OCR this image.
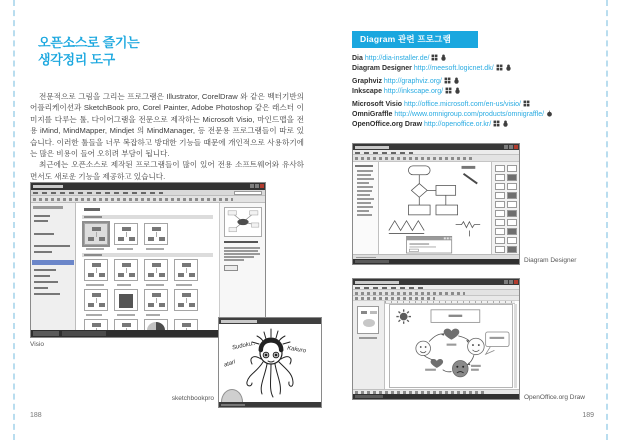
오픈소스로 즐기는
생각정리 도구

전문적으로 그림을 그리는 프로그램은 Illustrator, CorelDraw 와 같은 벡터기반의 어플리케이션과 SketchBook pro, Corel Painter, Adobe Photoshop 같은 래스터 이미지를 다루는 툴, 다이어그램을 전문으로 제작하는 Microsoft Visio, 마인드맵을 전용 iMind, MindMapper, Mindjet 의 MindManager, 등 전문용 프로그램들이 따로 있습니다. 이러한 툴들을 너무 복잡하고 방대한 기능들 때문에 개인적으로 사용하기에는 많은 비용이 들어 오히려 부담이 됩니다.

최근에는 오픈소스로 제작된 프로그램들이 많이 있어 전용 소프트웨어와 유사하면서도 새로운 기능을 제공하고 있습니다.

Visio	Sudoku..	Kakuro
atari
sketchbookpro
188
Diagram 관련 프로그램
Dia http://dia-installer.de/
Diagram Designer http://meesoft.logicnet.dk/
Graphviz http://graphviz.org/
Inkscape http://inkscape.org/
Microsoft Visio http://office.microsoft.com/en-us/visio/
OmniGraffle http://www.omnigroup.com/products/omnigraffle/
OpenOffice.org Draw http://openoffice.or.kr/
Diagram Designer
OpenOffice.org Draw
189
